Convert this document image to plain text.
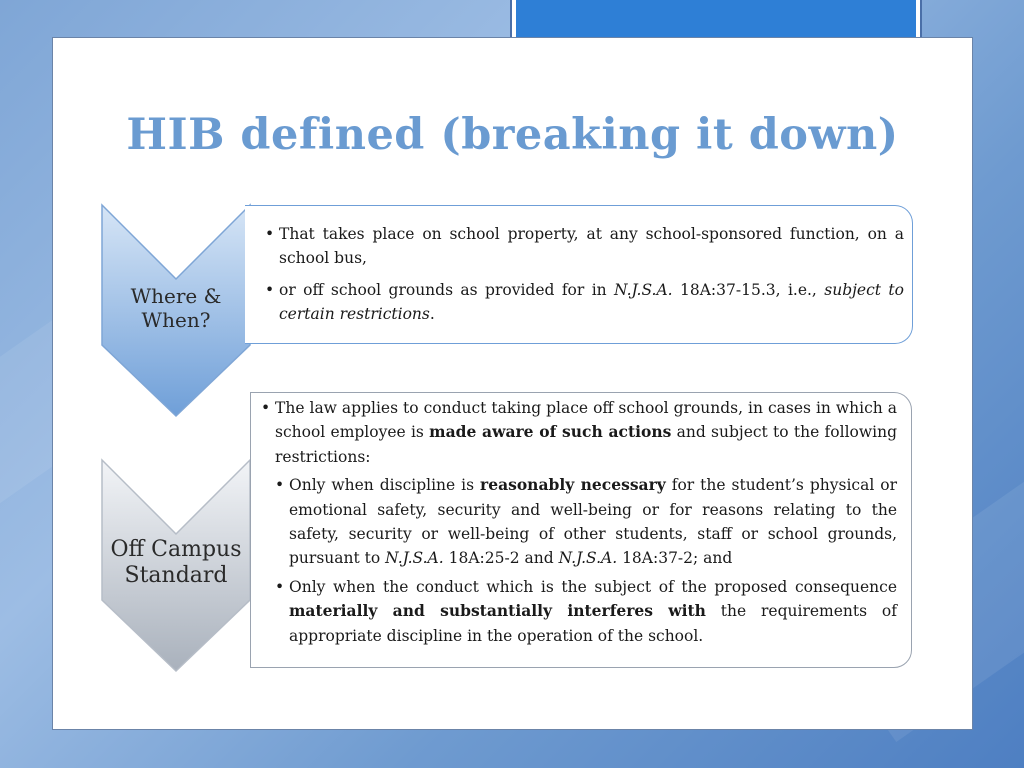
HIB defined (breaking it down)
Where &
When?
• That takes place on school property, at any school-sponsored function, on a school bus,
• or off school grounds as provided for in N.J.S.A. 18A:37-15.3, i.e., subject to certain restrictions.
Off Campus
Standard
• The law applies to conduct taking place off school grounds, in cases in which a school employee is made aware of such actions and subject to the following restrictions:
• Only when discipline is reasonably necessary for the student’s physical or emotional safety, security and well-being or for reasons relating to the safety, security or well-being of other students, staff or school grounds, pursuant to N.J.S.A. 18A:25-2 and N.J.S.A. 18A:37-2; and
• Only when the conduct which is the subject of the proposed consequence materially and substantially interferes with the requirements of appropriate discipline in the operation of the school.
